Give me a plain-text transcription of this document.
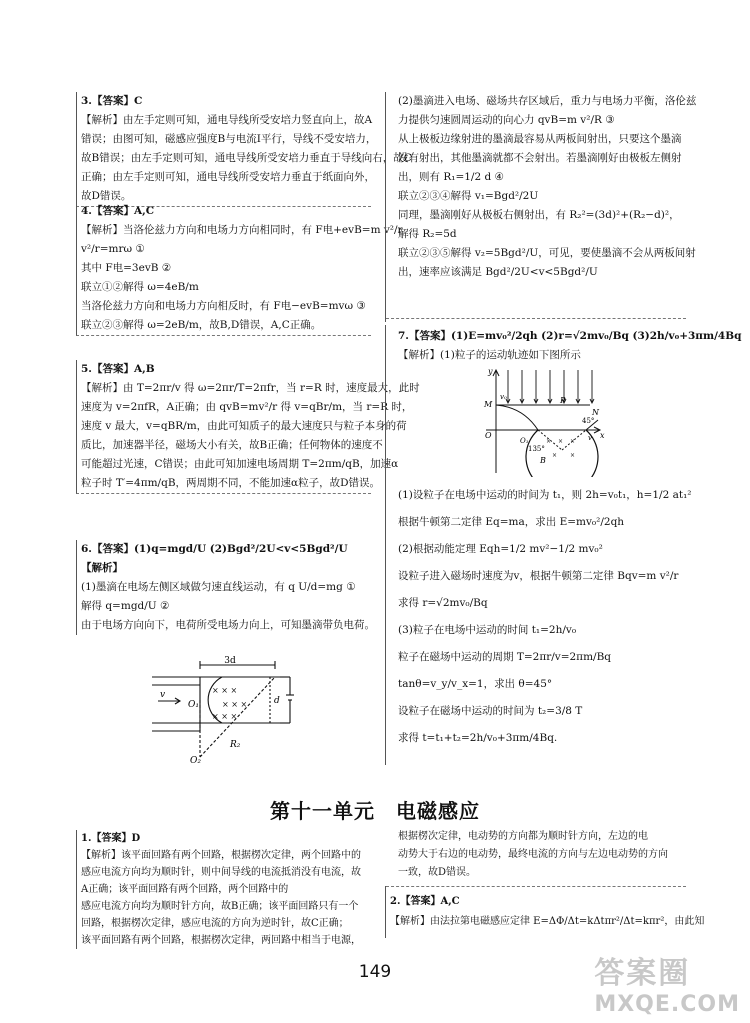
3.【答案】C

【解析】由左手定则可知，通电导线所受安培力竖直向上，故A

错误；由图可知，磁感应强度B与电流I平行，导线不受安培力，

故B错误；由左手定则可知，通电导线所受安培力垂直于导线向右，故C

正确；由左手定则可知，通电导线所受安培力垂直于纸面向外，

故D错误。

4.【答案】A,C

【解析】当洛伦兹力方向和电场力方向相同时，有 F电+evB=m v²/r

v²/r=mrω ①

其中 F电=3evB ②

联立①②解得 ω=4eB/m

当洛伦兹力方向和电场力方向相反时，有 F电−evB=mvω ③

联立②③解得 ω=2eB/m，故B,D错误，A,C正确。

5.【答案】A,B

【解析】由 T=2πr/v 得 ω=2πr/T=2πfr，当 r=R 时，速度最大，此时

速度为 v=2πfR，A正确；由 qvB=mv²/r 得 v=qBr/m，当 r=R 时，

速度 v 最大，v=qBR/m，由此可知质子的最大速度只与粒子本身的荷

质比，加速器半径，磁场大小有关，故B正确；任何物体的速度不

可能超过光速，C错误；由此可知加速电场周期 T=2πm/qB，加速α

粒子时 T′=4πm/qB，两周期不同，不能加速α粒子，故D错误。

6.【答案】(1)q=mgd/U (2)Bgd²/2U<v<5Bgd²/U

【解析】

(1)墨滴在电场左侧区域做匀速直线运动，有 q U/d=mg ①

解得 q=mgd/U ②

由于电场方向向下，电荷所受电场力向上，可知墨滴带负电荷。

× × ×
× × ×
× × ×
3d
v
O₁	d
R₂
O₂

(2)墨滴进入电场、磁场共存区域后，重力与电场力平衡，洛伦兹

力提供匀速圆周运动的向心力 qvB=m v²/R ③

从上极板边缘射进的墨滴最容易从两板间射出，只要这个墨滴

没有射出，其他墨滴就都不会射出。若墨滴刚好由极板左侧射

出，则有 R₁=1/2 d ④

联立②③④解得 v₁=Bgd²/2U

同理，墨滴刚好从极板右侧射出，有 R₂²=(3d)²+(R₂−d)²，

解得 R₂=5d

联立②③⑤解得 v₂=5Bgd²/U，可见，要使墨滴不会从两板间射

出，速率应该满足 Bgd²/2U<v<5Bgd²/U

7.【答案】(1)E=mv₀²/2qh (2)r=√2mv₀/Bq (3)2h/v₀+3πm/4Bq

【解析】(1)粒子的运动轨迹如下图所示

× × ×
× ×
y
M
v₀	P
N
O	x
O₁
135°
45°
v
B

(1)设粒子在电场中运动的时间为 t₁，则 2h=v₀t₁，h=1/2 at₁²

根据牛顿第二定律 Eq=ma，求出 E=mv₀²/2qh

(2)根据动能定理 Eqh=1/2 mv²−1/2 mv₀²

设粒子进入磁场时速度为v，根据牛顿第二定律 Bqv=m v²/r

求得 r=√2mv₀/Bq

(3)粒子在电场中运动的时间 t₁=2h/v₀

粒子在磁场中运动的周期 T=2πr/v=2πm/Bq

tanθ=v_y/v_x=1，求出 θ=45°

设粒子在磁场中运动的时间为 t₂=3/8 T

求得 t=t₁+t₂=2h/v₀+3πm/4Bq.

第十一单元　电磁感应

1.【答案】D

【解析】该平面回路有两个回路，根据楞次定律，两个回路中的

感应电流方向均为顺时针，则中间导线的电流抵消没有电流，故

A正确；该平面回路有两个回路，两个回路中的

感应电流方向均为顺时针方向，故B正确；该平面回路只有一个

回路，根据楞次定律，感应电流的方向为逆时针，故C正确；

该平面回路有两个回路，根据楞次定律，两回路中相当于电源，

根据楞次定律，电动势的方向都为顺时针方向，左边的电

动势大于右边的电动势，最终电流的方向与左边电动势的方向

一致，故D错误。

2.【答案】A,C

【解析】由法拉第电磁感应定律 E=ΔΦ/Δt=kΔtπr²/Δt=kπr²，由此知

149	答案圈
MXQE.COM
